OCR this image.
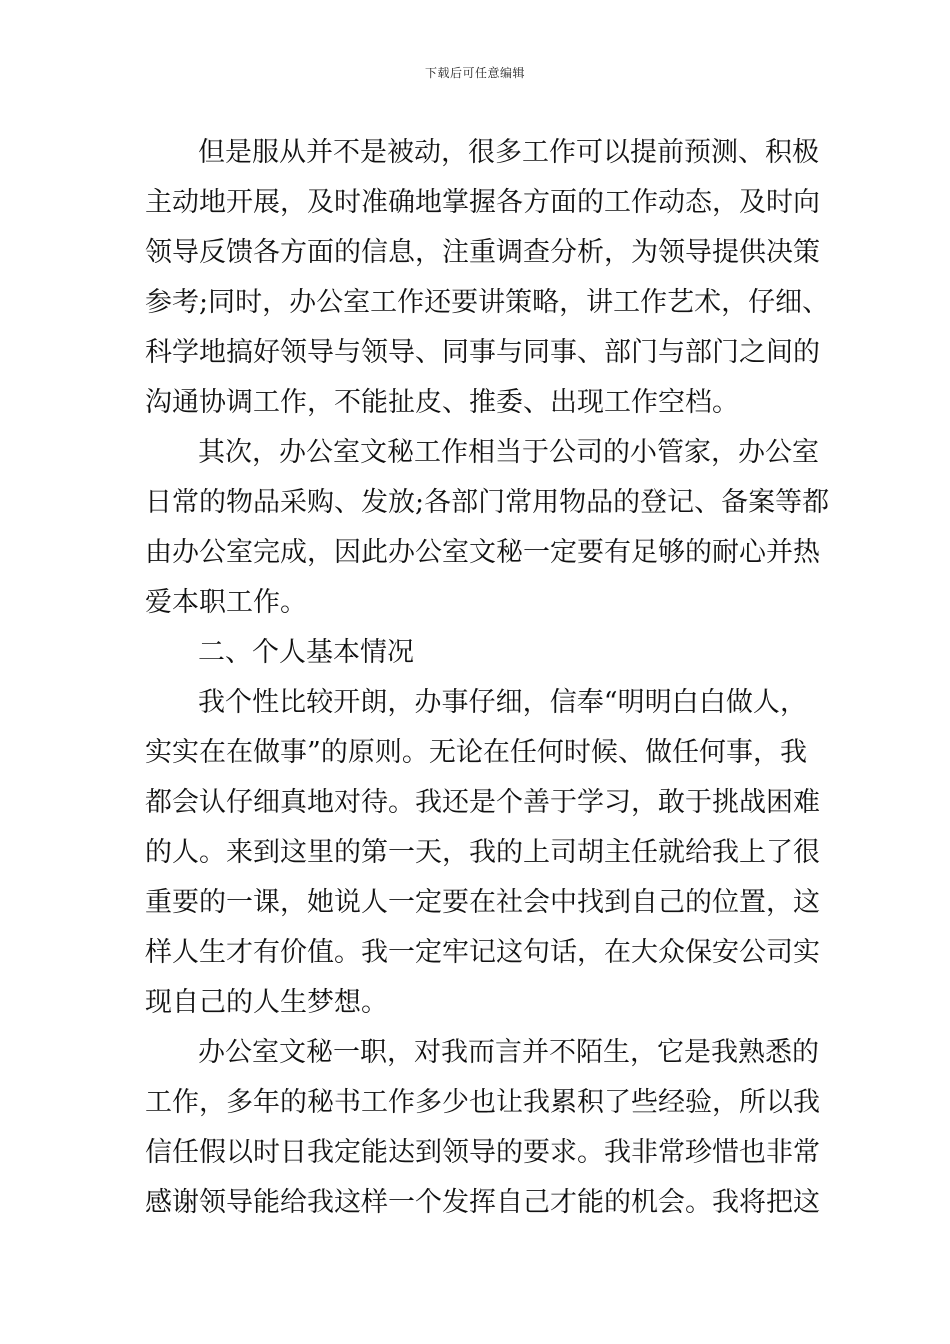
下载后可任意编辑
但是服从并不是被动，很多工作可以提前预测、积极
主动地开展，及时准确地掌握各方面的工作动态，及时向
领导反馈各方面的信息，注重调查分析，为领导提供决策
参考;同时，办公室工作还要讲策略，讲工作艺术，仔细、
科学地搞好领导与领导、同事与同事、部门与部门之间的
沟通协调工作，不能扯皮、推委、出现工作空档。
其次，办公室文秘工作相当于公司的小管家，办公室
日常的物品采购、发放;各部门常用物品的登记、备案等都
由办公室完成，因此办公室文秘一定要有足够的耐心并热
爱本职工作。
二、个人基本情况
我个性比较开朗，办事仔细，信奉“明明白白做人，
实实在在做事”的原则。无论在任何时候、做任何事，我
都会认仔细真地对待。我还是个善于学习，敢于挑战困难
的人。来到这里的第一天，我的上司胡主任就给我上了很
重要的一课，她说人一定要在社会中找到自己的位置，这
样人生才有价值。我一定牢记这句话，在大众保安公司实
现自己的人生梦想。
办公室文秘一职，对我而言并不陌生，它是我熟悉的
工作，多年的秘书工作多少也让我累积了些经验，所以我
信任假以时日我定能达到领导的要求。我非常珍惜也非常
感谢领导能给我这样一个发挥自己才能的机会。我将把这
